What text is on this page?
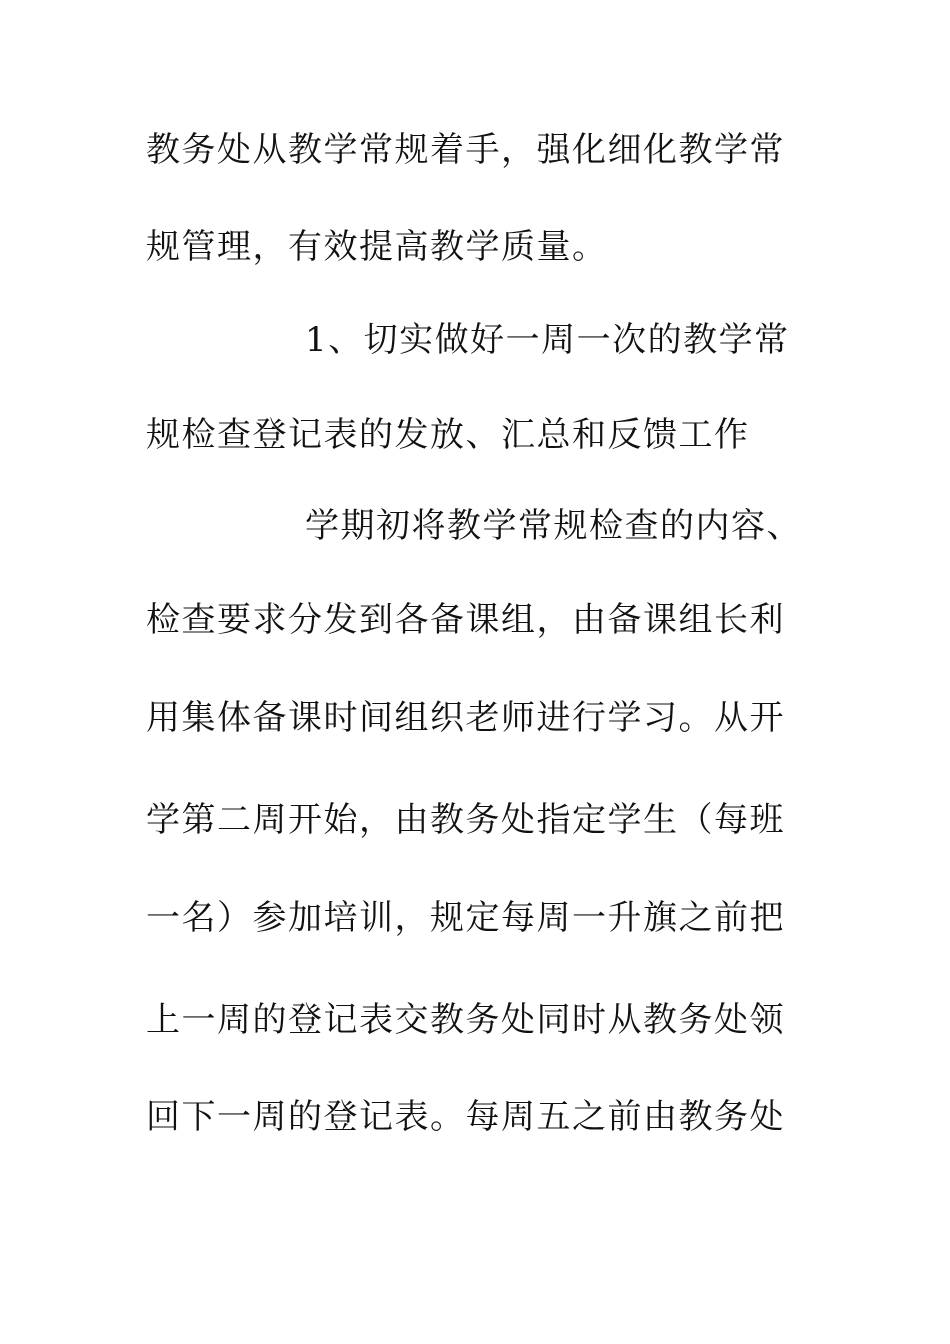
教务处从教学常规着手，强化细化教学常
规管理，有效提高教学质量。
1、切实做好一周一次的教学常
规检查登记表的发放、汇总和反馈工作
学期初将教学常规检查的内容、
检查要求分发到各备课组，由备课组长利
用集体备课时间组织老师进行学习。从开
学第二周开始，由教务处指定学生（每班
一名）参加培训，规定每周一升旗之前把
上一周的登记表交教务处同时从教务处领
回下一周的登记表。每周五之前由教务处
